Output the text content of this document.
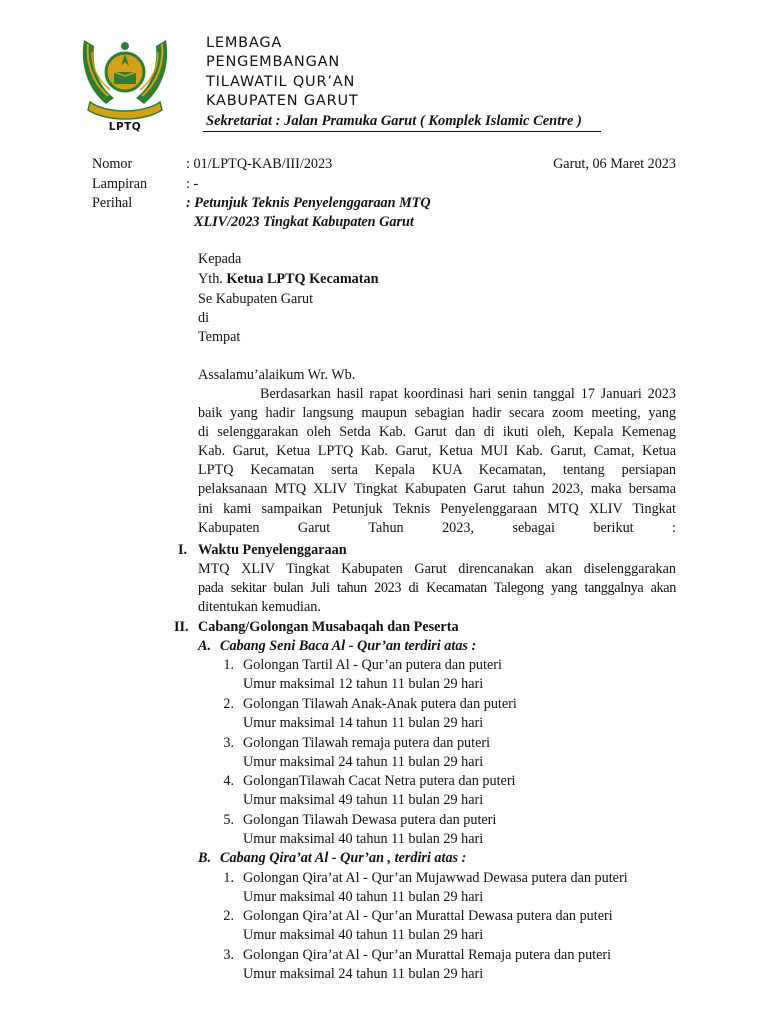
LPTQ
LEMBAGA
PENGEMBANGAN
TILAWATIL QUR’AN
KABUPATEN GARUT
Sekretariat : Jalan Pramuka Garut ( Komplek Islamic Centre )
Nomor	: 01/LPTQ-KAB/III/2023	Garut, 06 Maret 2023
Lampiran	: -
Perihal	: Petunjuk Teknis Penyelenggaraan MTQ
XLIV/2023 Tingkat Kabupaten Garut
Kepada
Yth. Ketua LPTQ Kecamatan
Se Kabupaten Garut
di
Tempat
Assalamu’alaikum Wr. Wb.
Berdasarkan hasil rapat koordinasi hari senin tanggal 17 Januari 2023
baik yang hadir langsung maupun sebagian hadir secara zoom meeting, yang
di selenggarakan oleh Setda Kab. Garut dan di ikuti oleh, Kepala Kemenag
Kab. Garut, Ketua LPTQ Kab. Garut, Ketua MUI Kab. Garut, Camat, Ketua
LPTQ Kecamatan serta Kepala KUA Kecamatan, tentang persiapan
pelaksanaan MTQ XLIV Tingkat Kabupaten Garut tahun 2023, maka bersama
ini kami sampaikan Petunjuk Teknis Penyelenggaraan MTQ XLIV Tingkat
Kabupaten Garut Tahun 2023, sebagai berikut :
I. Waktu Penyelenggaraan
MTQ XLIV Tingkat Kabupaten Garut direncanakan akan diselenggarakan
pada sekitar bulan Juli tahun 2023 di Kecamatan Talegong yang tanggalnya akan
ditentukan kemudian.
II. Cabang/Golongan Musabaqah dan Peserta
A. Cabang Seni Baca Al - Qur’an terdiri atas :
1. Golongan Tartil Al - Qur’an putera dan puteri
Umur maksimal 12 tahun 11 bulan 29 hari
2. Golongan Tilawah Anak-Anak putera dan puteri
Umur maksimal 14 tahun 11 bulan 29 hari
3. Golongan Tilawah remaja putera dan puteri
Umur maksimal 24 tahun 11 bulan 29 hari
4. GolonganTilawah Cacat Netra putera dan puteri
Umur maksimal 49 tahun 11 bulan 29 hari
5. Golongan Tilawah Dewasa putera dan puteri
Umur maksimal 40 tahun 11 bulan 29 hari
B. Cabang Qira’at Al - Qur’an , terdiri atas :
1. Golongan Qira’at Al - Qur’an Mujawwad Dewasa putera dan puteri
Umur maksimal 40 tahun 11 bulan 29 hari
2. Golongan Qira’at Al - Qur’an Murattal Dewasa putera dan puteri
Umur maksimal 40 tahun 11 bulan 29 hari
3. Golongan Qira’at Al - Qur’an Murattal Remaja putera dan puteri
Umur maksimal 24 tahun 11 bulan 29 hari
